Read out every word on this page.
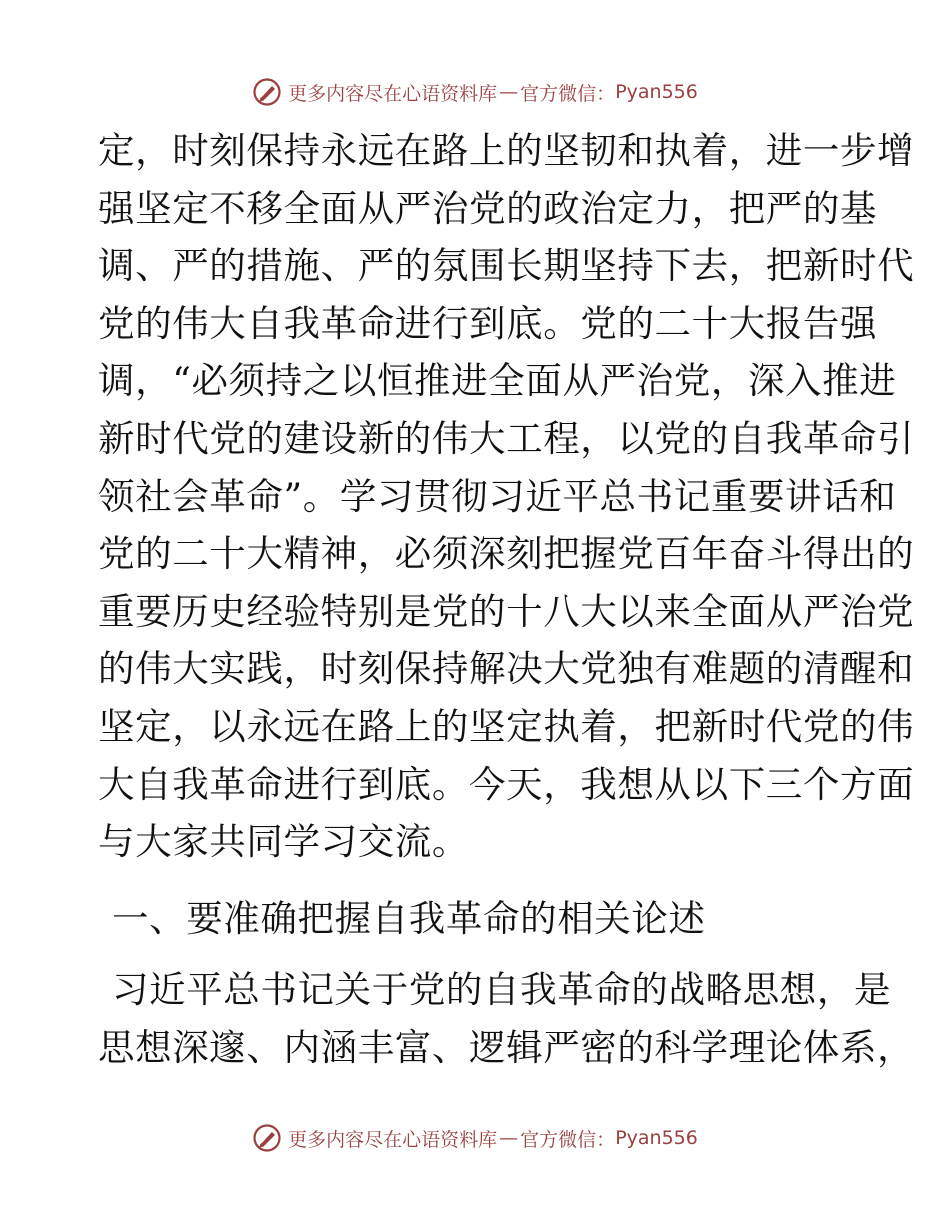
更多内容尽在心语资料库 — 官方微信： Pyan556

定，时刻保持永远在路上的坚韧和执着，进一步增
强坚定不移全面从严治党的政治定力，把严的基
调、严的措施、严的氛围长期坚持下去，把新时代
党的伟大自我革命进行到底。党的二十大报告强
调，“必须持之以恒推进全面从严治党，深入推进
新时代党的建设新的伟大工程，以党的自我革命引
领社会革命”。学习贯彻习近平总书记重要讲话和
党的二十大精神，必须深刻把握党百年奋斗得出的
重要历史经验特别是党的十八大以来全面从严治党
的伟大实践，时刻保持解决大党独有难题的清醒和
坚定，以永远在路上的坚定执着，把新时代党的伟
大自我革命进行到底。今天，我想从以下三个方面
与大家共同学习交流。

一、要准确把握自我革命的相关论述

习近平总书记关于党的自我革命的战略思想，是
思想深邃、内涵丰富、逻辑严密的科学理论体系，

更多内容尽在心语资料库 — 官方微信： Pyan556
